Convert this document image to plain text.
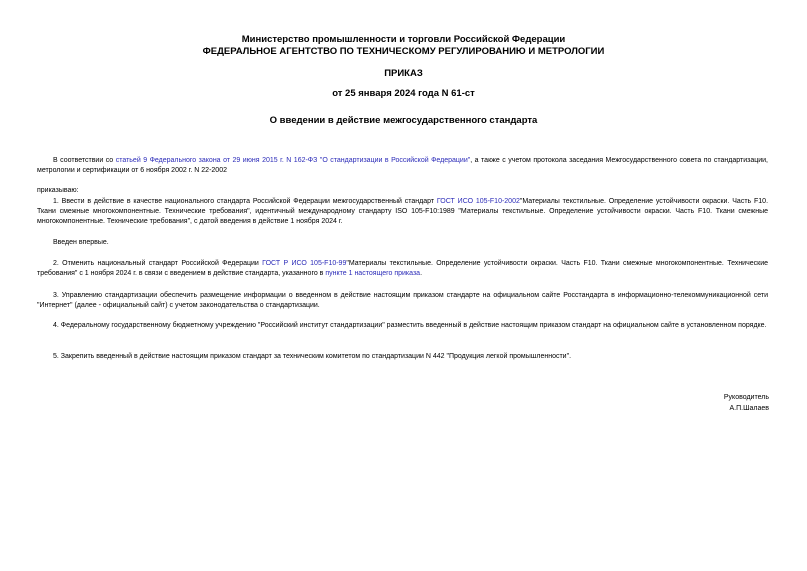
Министерство промышленности и торговли Российской Федерации
ФЕДЕРАЛЬНОЕ АГЕНТСТВО ПО ТЕХНИЧЕСКОМУ РЕГУЛИРОВАНИЮ И МЕТРОЛОГИИ
ПРИКАЗ
от 25 января 2024 года N 61-ст
О введении в действие межгосударственного стандарта

В соответствии со статьей 9 Федерального закона от 29 июня 2015 г. N 162-ФЗ "О стандартизации в Российской Федерации", а также с учетом протокола заседания Межгосударственного совета по стандартизации, метрологии и сертификации от 6 ноября 2002 г. N 22-2002

приказываю:

1. Ввести в действие в качестве национального стандарта Российской Федерации межгосударственный стандарт ГОСТ ИСО 105-F10-2002"Материалы текстильные. Определение устойчивости окраски. Часть F10. Ткани смежные многокомпонентные. Технические требования", идентичный международному стандарту ISO 105-F10:1989 "Материалы текстильные. Определение устойчивости окраски. Часть F10. Ткани смежные многокомпонентные. Технические требования", с датой введения в действие 1 ноября 2024 г.

Введен впервые.

2. Отменить национальный стандарт Российской Федерации ГОСТ Р ИСО 105-F10-99"Материалы текстильные. Определение устойчивости окраски. Часть F10. Ткани смежные многокомпонентные. Технические требования" с 1 ноября 2024 г. в связи с введением в действие стандарта, указанного в пункте 1 настоящего приказа.

3. Управлению стандартизации обеспечить размещение информации о введенном в действие настоящим приказом стандарте на официальном сайте Росстандарта в информационно-телекоммуникационной сети "Интернет" (далее - официальный сайт) с учетом законодательства о стандартизации.

4. Федеральному государственному бюджетному учреждению "Российский институт стандартизации" разместить введенный в действие настоящим приказом стандарт на официальном сайте в установленном порядке.

5. Закрепить введенный в действие настоящим приказом стандарт за техническим комитетом по стандартизации N 442 "Продукция легкой промышленности".

Руководитель
А.П.Шалаев
